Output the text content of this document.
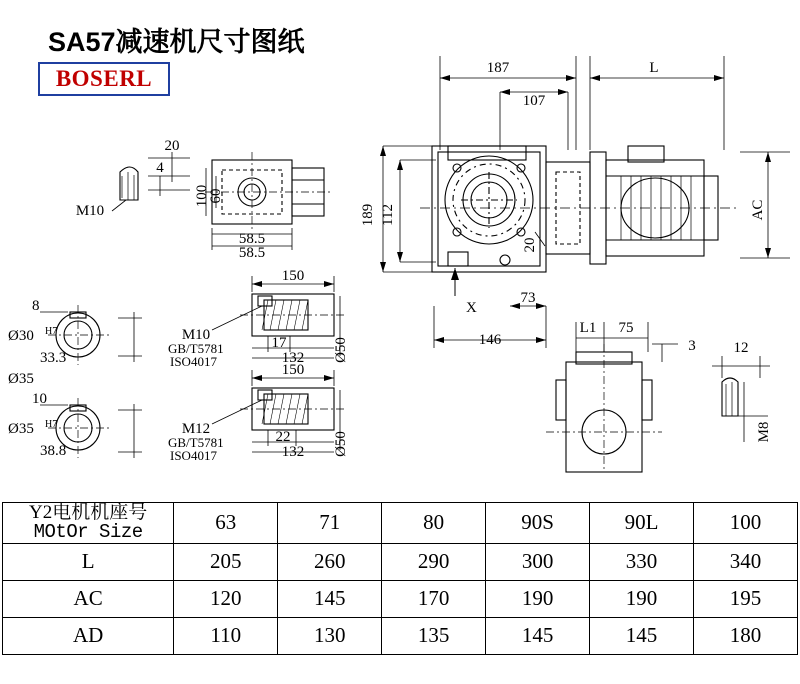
SA57减速机尺寸图纸
BOSERL	187	L
107
189 112	AC
146
73
X
20
M10
20
4
100
60
58.5
58.5
8
Ø30 H7
33.3
Ø35
10
Ø35 H7
38.8
150
17
132 Ø50
M10
GB/T5781
ISO4017
150
22
132 Ø50
M12
GB/T5781
ISO4017
L1 75
3	12
M8
Y2电机机座号
MOtOr Size	63	71	80	90S	90L	100
L	205	260	290	300	330	340
AC	120	145	170	190	190	195
AD	110	130	135	145	145	180
